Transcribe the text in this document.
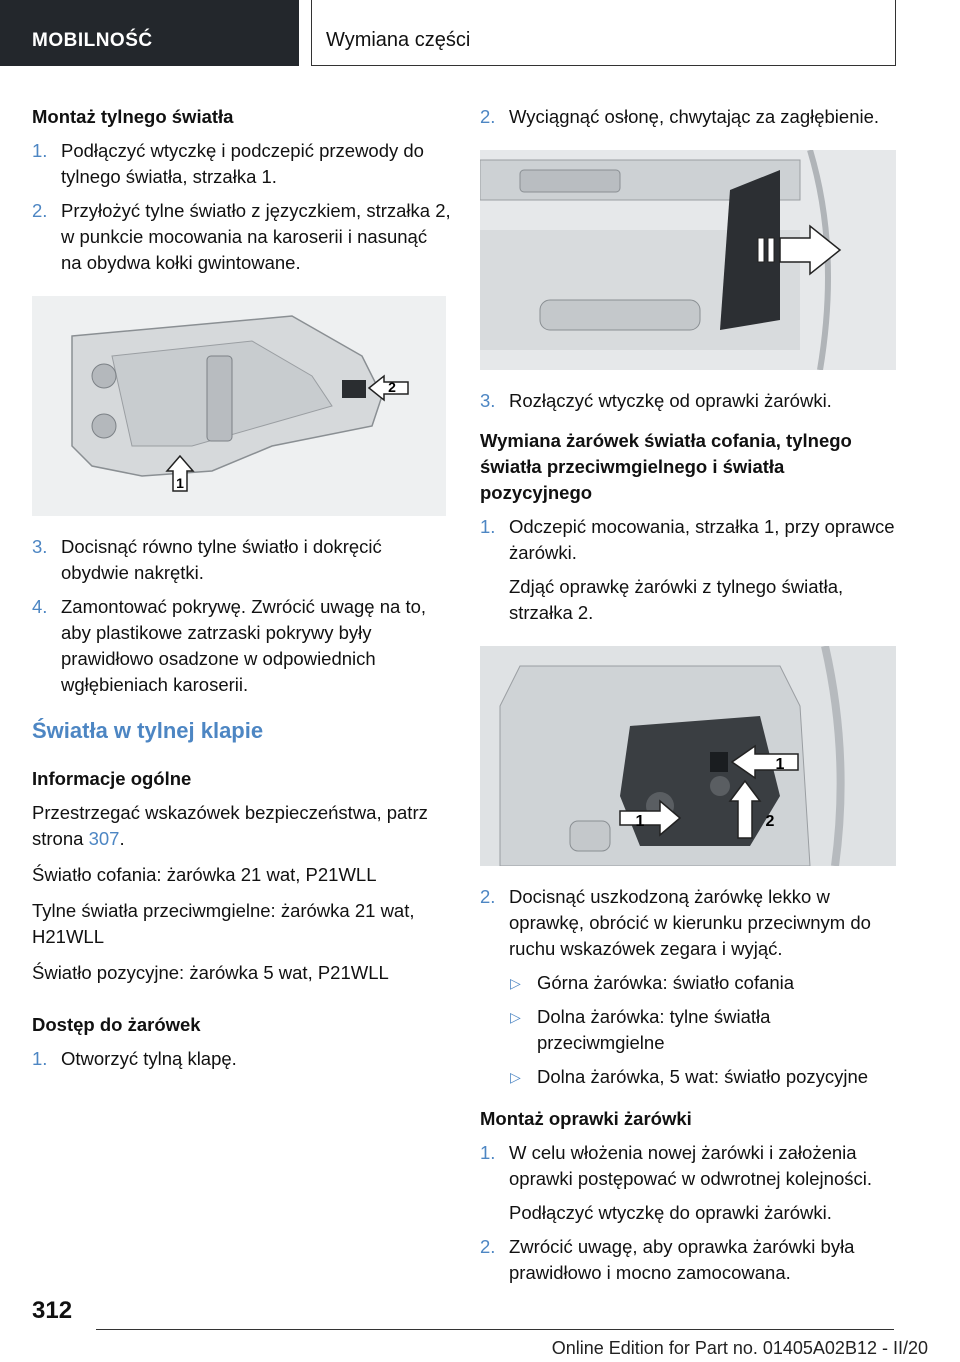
MOBILNOŚĆ	Wymiana części
Montaż tylnego światła
1. Podłączyć wtyczkę i podczepić przewody do tylnego światła, strzałka 1.
2. Przyłożyć tylne światło z języczkiem, strzałka 2, w punkcie mocowania na karoserii i nasunąć na obydwa kołki gwintowane.
2
1
3. Docisnąć równo tylne światło i dokręcić obydwie nakrętki.
4. Zamontować pokrywę. Zwrócić uwagę na to, aby plastikowe zatrzaski pokrywy były prawidłowo osadzone w odpowiednich wgłębieniach karoserii.
Światła w tylnej klapie
Informacje ogólne

Przestrzegać wskazówek bezpieczeństwa, patrz strona 307.

Światło cofania: żarówka 21 wat, P21WLL

Tylne światła przeciwmgielne: żarówka 21 wat, H21WLL

Światło pozycyjne: żarówka 5 wat, P21WLL

Dostęp do żarówek
1. Otworzyć tylną klapę.
2. Wyciągnąć osłonę, chwytając za zagłębienie.
3. Rozłączyć wtyczkę od oprawki żarówki.
Wymiana żarówek światła cofania, tylnego światła przeciwmgielnego i światła pozycyjnego
1. Odczepić mocowania, strzałka 1, przy oprawce żarówki.
Zdjąć oprawkę żarówki z tylnego światła, strzałka 2.
1
1	2
2. Docisnąć uszkodzoną żarówkę lekko w oprawkę, obrócić w kierunku przeciwnym do ruchu wskazówek zegara i wyjąć.
▷ Górna żarówka: światło cofania
▷ Dolna żarówka: tylne światła przeciwmgielne
▷ Dolna żarówka, 5 wat: światło pozycyjne
Montaż oprawki żarówki
1. W celu włożenia nowej żarówki i założenia oprawki postępować w odwrotnej kolejności.
Podłączyć wtyczkę do oprawki żarówki.
2. Zwrócić uwagę, aby oprawka żarówki była prawidłowo i mocno zamocowana.
312
Online Edition for Part no. 01405A02B12 - II/20
